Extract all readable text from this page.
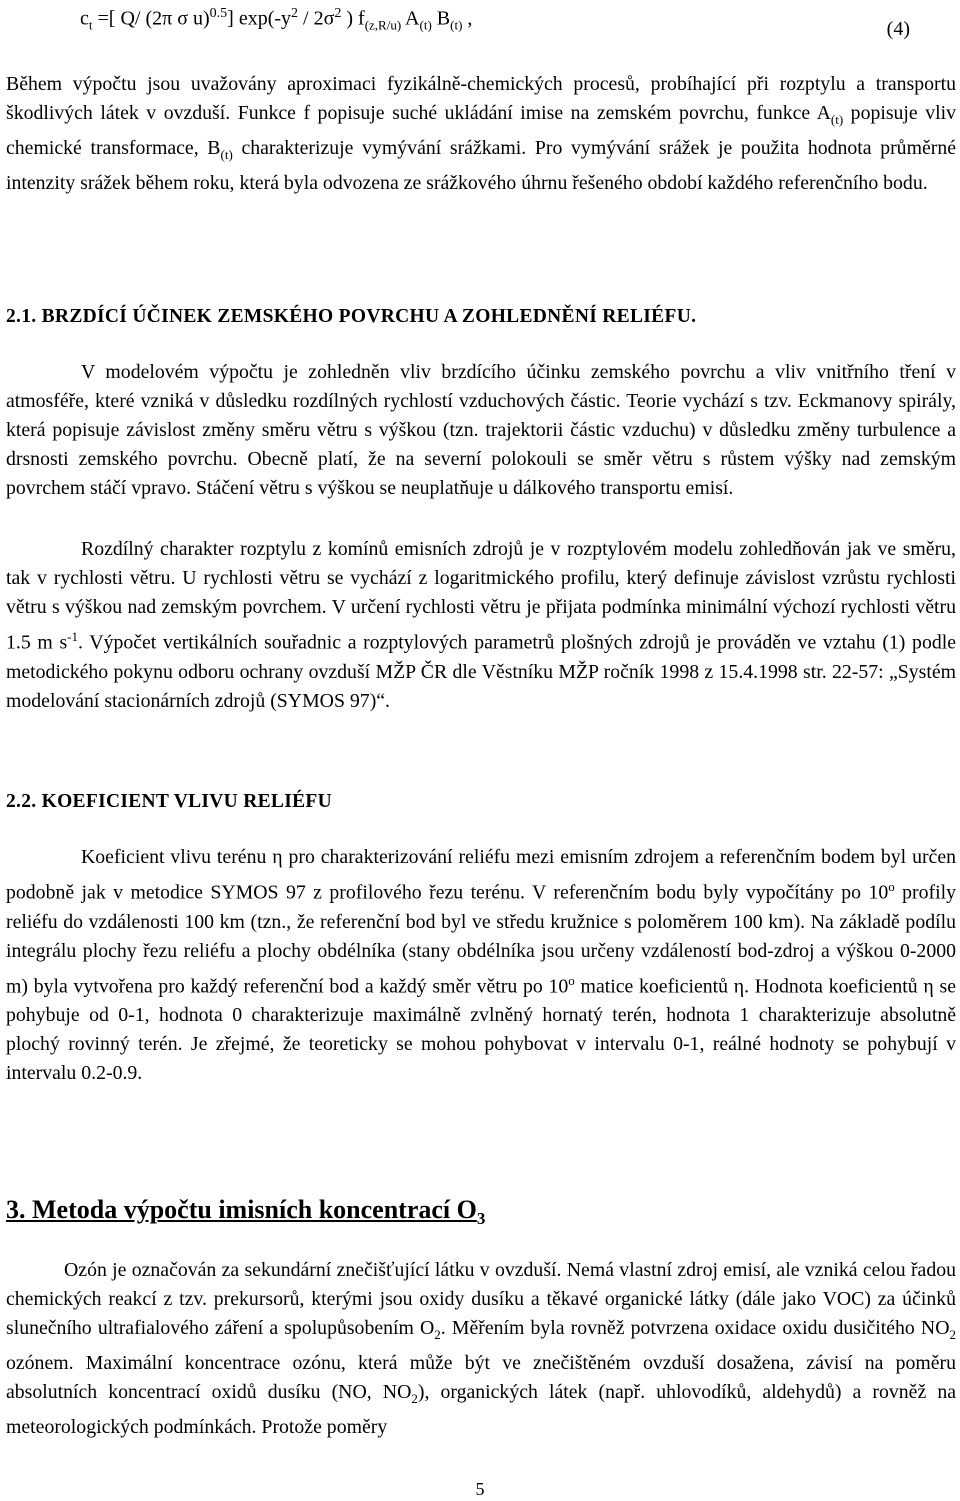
$c_t$ =[ Q/ (2π σ u)$^{0.5}$] $\exp(-y^2 / 2\sigma^2$ ) $f_{(z,R/u)}$ $A_{(t)}$ $B_{(t)}$ ,	(4)
Během výpočtu jsou uvažovány aproximaci fyzikálně-chemických procesů, probíhající při rozptylu a transportu škodlivých látek v ovzduší. Funkce f popisuje suché ukládání imise na zemském povrchu, funkce $A_{(t)}$ popisuje vliv chemické transformace, $B_{(t)}$ charakterizuje vymývání srážkami. Pro vymývání srážek je použita hodnota průměrné intenzity srážek během roku, která byla odvozena ze srážkového úhrnu řešeného období každého referenčního bodu.
2.1. BRZDÍCÍ ÚČINEK ZEMSKÉHO POVRCHU A ZOHLEDNĚNÍ RELIÉFU.
V modelovém výpočtu je zohledněn vliv brzdícího účinku zemského povrchu a vliv vnitřního tření v atmosféře, které vzniká v důsledku rozdílných rychlostí vzduchových částic. Teorie vychází s tzv. Eckmanovy spirály, která popisuje závislost změny směru větru s výškou (tzn. trajektorii částic vzduchu) v důsledku změny turbulence a drsnosti zemského povrchu. Obecně platí, že na severní polokouli se směr větru s růstem výšky nad zemským povrchem stáčí vpravo. Stáčení větru s výškou se neuplatňuje u dálkového transportu emisí.
Rozdílný charakter rozptylu z komínů emisních zdrojů je v rozptylovém modelu zohledňován jak ve směru, tak v rychlosti větru. U rychlosti větru se vychází z logaritmického profilu, který definuje závislost vzrůstu rychlosti větru s výškou nad zemským povrchem. V určení rychlosti větru je přijata podmínka minimální výchozí rychlosti větru 1.5 m $s^{-1}$. Výpočet vertikálních souřadnic a rozptylových parametrů plošných zdrojů je prováděn ve vztahu (1) podle metodického pokynu odboru ochrany ovzduší MŽP ČR dle Věstníku MŽP ročník 1998 z 15.4.1998 str. 22-57: „Systém modelování stacionárních zdrojů (SYMOS 97)“.
2.2. KOEFICIENT VLIVU RELIÉFU
Koeficient vlivu terénu η pro charakterizování reliéfu mezi emisním zdrojem a referenčním bodem byl určen podobně jak v metodice SYMOS 97 z profilového řezu terénu. V referenčním bodu byly vypočítány po 10$^o$ profily reliéfu do vzdálenosti 100 km (tzn., že referenční bod byl ve středu kružnice s poloměrem 100 km). Na základě podílu integrálu plochy řezu reliéfu a plochy obdélníka (stany obdélníka jsou určeny vzdáleností bod-zdroj a výškou 0-2000 m) byla vytvořena pro každý referenční bod a každý směr větru po 10$^o$ matice koeficientů η. Hodnota koeficientů η se pohybuje od 0-1, hodnota 0 charakterizuje maximálně zvlněný hornatý terén, hodnota 1 charakterizuje absolutně plochý rovinný terén. Je zřejmé, že teoreticky se mohou pohybovat v intervalu 0-1, reálné hodnoty se pohybují v intervalu 0.2-0.9.
3. Metoda výpočtu imisních koncentrací $O_3$
Ozón je označován za sekundární znečišťující látku v ovzduší. Nemá vlastní zdroj emisí, ale vzniká celou řadou chemických reakcí z tzv. prekursorů, kterými jsou oxidy dusíku a těkavé organické látky (dále jako VOC) za účinků slunečního ultrafialového záření a spolupůsobením $O_2$. Měřením byla rovněž potvrzena oxidace oxidu dusičitého $NO_2$ ozónem. Maximální koncentrace ozónu, která může být ve znečištěném ovzduší dosažena, závisí na poměru absolutních koncentrací oxidů dusíku (NO, $NO_2$), organických látek (např. uhlovodíků, aldehydů) a rovněž na meteorologických podmínkách. Protože poměry
5
